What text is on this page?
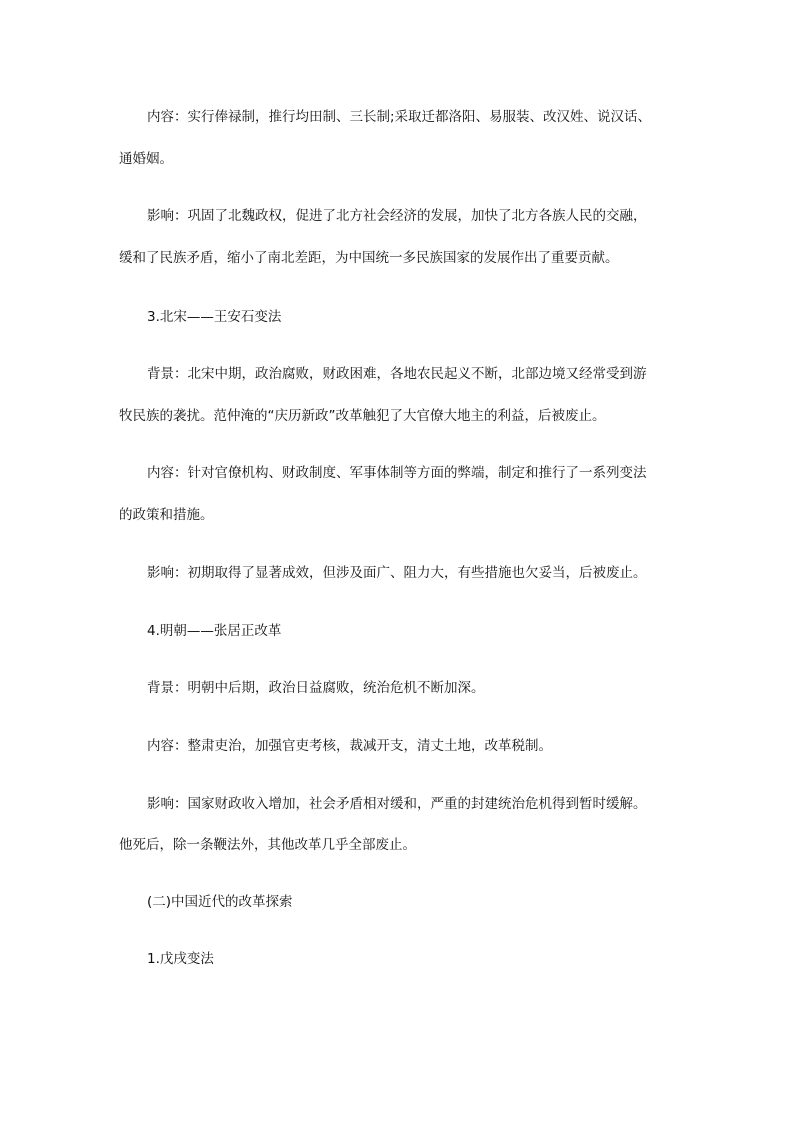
内容：实行俸禄制，推行均田制、三长制;采取迁都洛阳、易服装、改汉姓、说汉话、
通婚姻。
影响：巩固了北魏政权，促进了北方社会经济的发展，加快了北方各族人民的交融，
缓和了民族矛盾，缩小了南北差距，为中国统一多民族国家的发展作出了重要贡献。
3.北宋——王安石变法
背景：北宋中期，政治腐败，财政困难，各地农民起义不断，北部边境又经常受到游
牧民族的袭扰。范仲淹的“庆历新政”改革触犯了大官僚大地主的利益，后被废止。
内容：针对官僚机构、财政制度、军事体制等方面的弊端，制定和推行了一系列变法
的政策和措施。
影响：初期取得了显著成效，但涉及面广、阻力大，有些措施也欠妥当，后被废止。
4.明朝——张居正改革
背景：明朝中后期，政治日益腐败，统治危机不断加深。
内容：整肃吏治，加强官吏考核，裁减开支，清丈土地，改革税制。
影响：国家财政收入增加，社会矛盾相对缓和，严重的封建统治危机得到暂时缓解。
他死后，除一条鞭法外，其他改革几乎全部废止。
(二)中国近代的改革探索
1.戊戌变法
